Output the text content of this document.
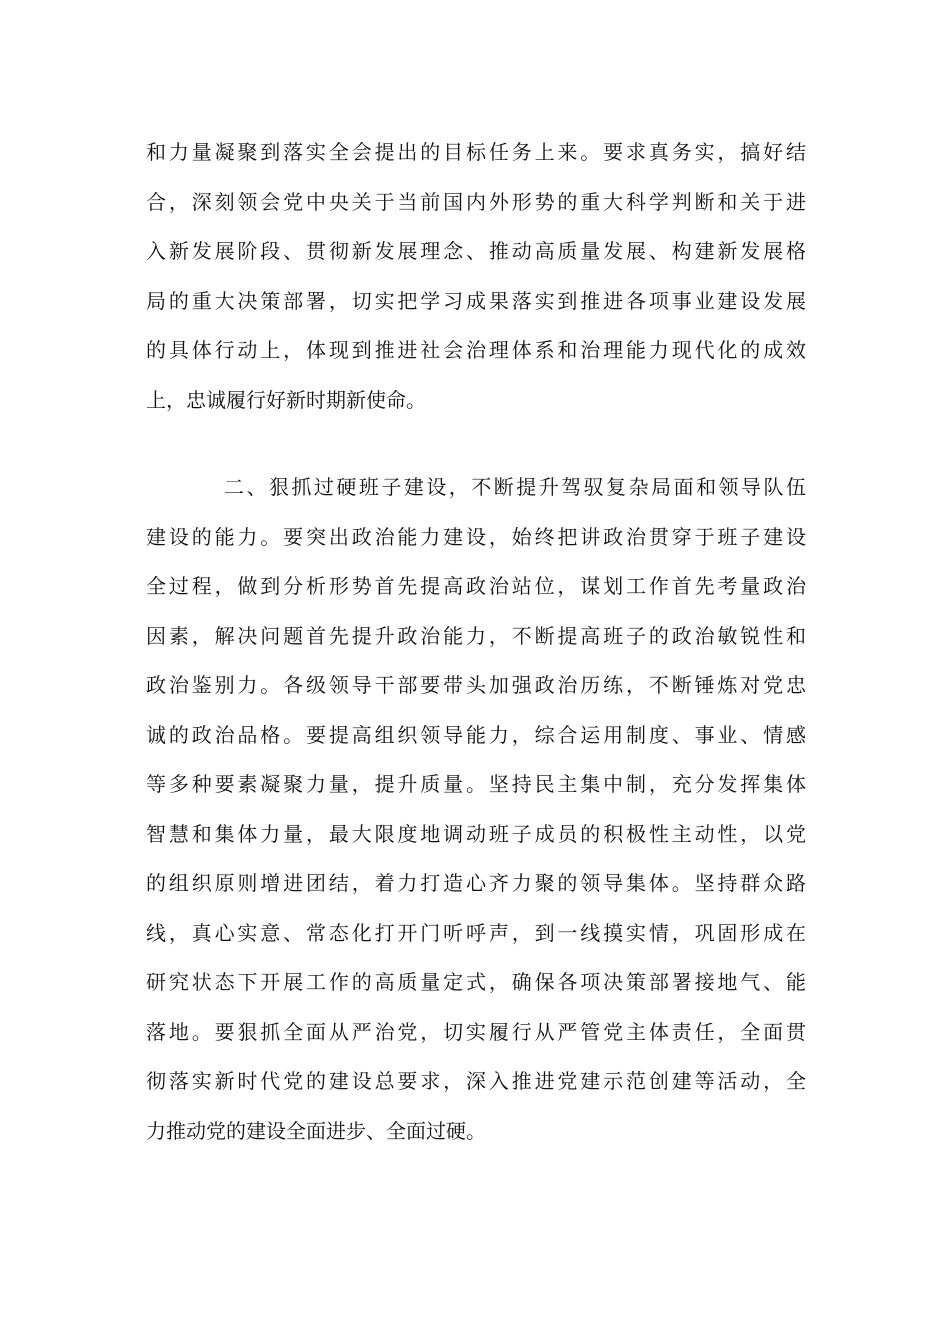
和力量凝聚到落实全会提出的目标任务上来。要求真务实，搞好结
合，深刻领会党中央关于当前国内外形势的重大科学判断和关于进
入新发展阶段、贯彻新发展理念、推动高质量发展、构建新发展格
局的重大决策部署，切实把学习成果落实到推进各项事业建设发展
的具体行动上，体现到推进社会治理体系和治理能力现代化的成效
上，忠诚履行好新时期新使命。
二、狠抓过硬班子建设，不断提升驾驭复杂局面和领导队伍
建设的能力。要突出政治能力建设，始终把讲政治贯穿于班子建设
全过程，做到分析形势首先提高政治站位，谋划工作首先考量政治
因素，解决问题首先提升政治能力，不断提高班子的政治敏锐性和
政治鉴别力。各级领导干部要带头加强政治历练，不断锤炼对党忠
诚的政治品格。要提高组织领导能力，综合运用制度、事业、情感
等多种要素凝聚力量，提升质量。坚持民主集中制，充分发挥集体
智慧和集体力量，最大限度地调动班子成员的积极性主动性，以党
的组织原则增进团结，着力打造心齐力聚的领导集体。坚持群众路
线，真心实意、常态化打开门听呼声，到一线摸实情，巩固形成在
研究状态下开展工作的高质量定式，确保各项决策部署接地气、能
落地。要狠抓全面从严治党，切实履行从严管党主体责任，全面贯
彻落实新时代党的建设总要求，深入推进党建示范创建等活动，全
力推动党的建设全面进步、全面过硬。
